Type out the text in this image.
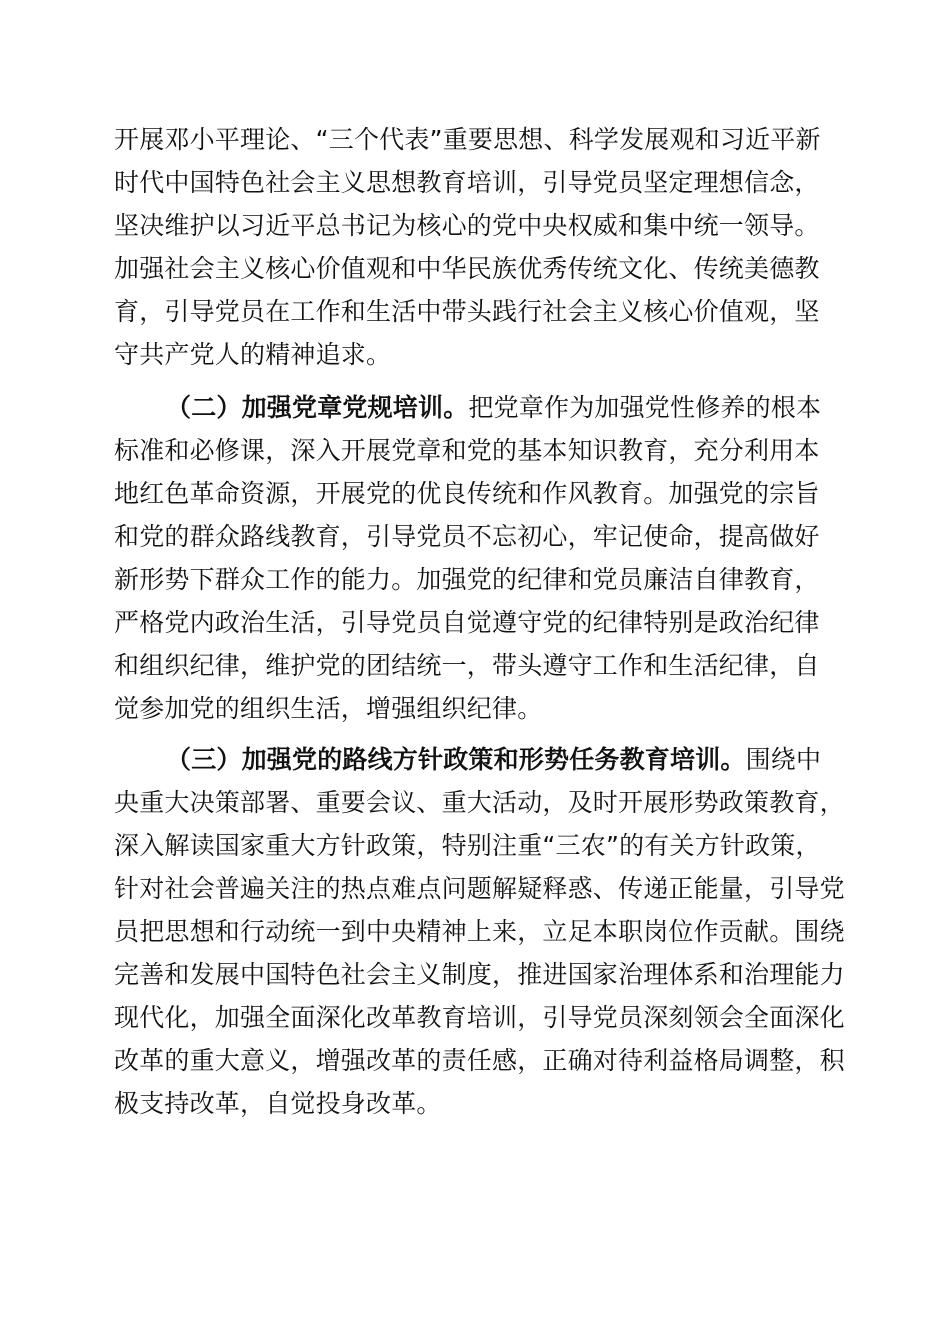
开展邓小平理论、“三个代表”重要思想、科学发展观和习近平新
时代中国特色社会主义思想教育培训，引导党员坚定理想信念，
坚决维护以习近平总书记为核心的党中央权威和集中统一领导。
加强社会主义核心价值观和中华民族优秀传统文化、传统美德教
育，引导党员在工作和生活中带头践行社会主义核心价值观，坚
守共产党人的精神追求。
（二）加强党章党规培训。把党章作为加强党性修养的根本
标准和必修课，深入开展党章和党的基本知识教育，充分利用本
地红色革命资源，开展党的优良传统和作风教育。加强党的宗旨
和党的群众路线教育，引导党员不忘初心，牢记使命，提高做好
新形势下群众工作的能力。加强党的纪律和党员廉洁自律教育，
严格党内政治生活，引导党员自觉遵守党的纪律特别是政治纪律
和组织纪律，维护党的团结统一，带头遵守工作和生活纪律，自
觉参加党的组织生活，增强组织纪律。
（三）加强党的路线方针政策和形势任务教育培训。围绕中
央重大决策部署、重要会议、重大活动，及时开展形势政策教育，
深入解读国家重大方针政策，特别注重“三农”的有关方针政策，
针对社会普遍关注的热点难点问题解疑释惑、传递正能量，引导党
员把思想和行动统一到中央精神上来，立足本职岗位作贡献。围绕
完善和发展中国特色社会主义制度，推进国家治理体系和治理能力
现代化，加强全面深化改革教育培训，引导党员深刻领会全面深化
改革的重大意义，增强改革的责任感，正确对待利益格局调整，积
极支持改革，自觉投身改革。
